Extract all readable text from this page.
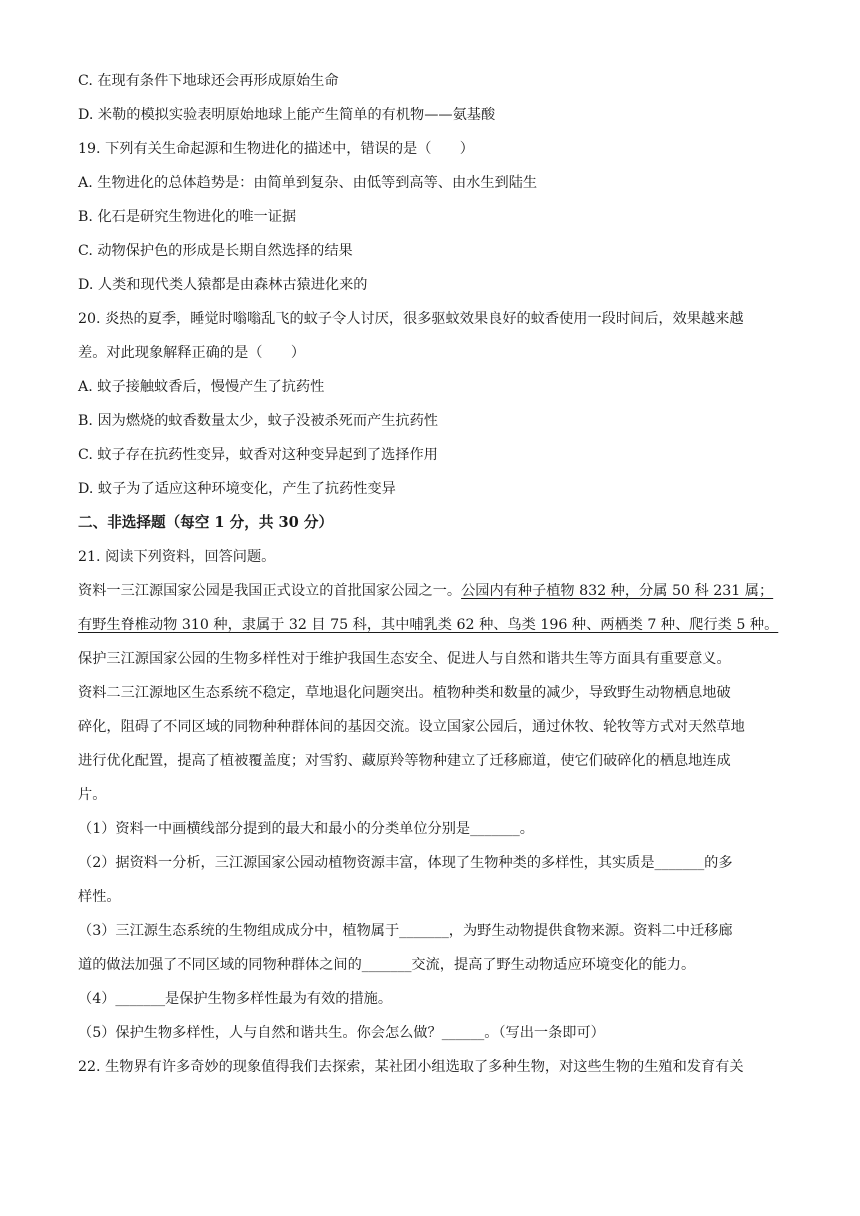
C. 在现有条件下地球还会再形成原始生命

D. 米勒的模拟实验表明原始地球上能产生简单的有机物——氨基酸

19. 下列有关生命起源和生物进化的描述中，错误的是（　　）

A. 生物进化的总体趋势是：由简单到复杂、由低等到高等、由水生到陆生

B. 化石是研究生物进化的唯一证据

C. 动物保护色的形成是长期自然选择的结果

D. 人类和现代类人猿都是由森林古猿进化来的

20. 炎热的夏季，睡觉时嗡嗡乱飞的蚊子令人讨厌，很多驱蚊效果良好的蚊香使用一段时间后，效果越来越

差。对此现象解释正确的是（　　）

A. 蚊子接触蚊香后，慢慢产生了抗药性

B. 因为燃烧的蚊香数量太少，蚊子没被杀死而产生抗药性

C. 蚊子存在抗药性变异，蚊香对这种变异起到了选择作用

D. 蚊子为了适应这种环境变化，产生了抗药性变异

二、非选择题（每空 1 分，共 30 分）

21. 阅读下列资料，回答问题。

资料一三江源国家公园是我国正式设立的首批国家公园之一。公园内有种子植物 832 种，分属 50 科 231 属；

有野生脊椎动物 310 种，隶属于 32 目 75 科，其中哺乳类 62 种、鸟类 196 种、两栖类 7 种、爬行类 5 种。

保护三江源国家公园的生物多样性对于维护我国生态安全、促进人与自然和谐共生等方面具有重要意义。

资料二三江源地区生态系统不稳定，草地退化问题突出。植物种类和数量的减少，导致野生动物栖息地破

碎化，阻碍了不同区域的同物种种群体间的基因交流。设立国家公园后，通过休牧、轮牧等方式对天然草地

进行优化配置，提高了植被覆盖度；对雪豹、藏原羚等物种建立了迁移廊道，使它们破碎化的栖息地连成

片。

（1）资料一中画横线部分提到的最大和最小的分类单位分别是_______。

（2）据资料一分析，三江源国家公园动植物资源丰富，体现了生物种类的多样性，其实质是_______的多

样性。

（3）三江源生态系统的生物组成成分中，植物属于_______，为野生动物提供食物来源。资料二中迁移廊

道的做法加强了不同区域的同物种群体之间的_______交流，提高了野生动物适应环境变化的能力。

（4）_______是保护生物多样性最为有效的措施。

（5）保护生物多样性，人与自然和谐共生。你会怎么做？______。（写出一条即可）

22. 生物界有许多奇妙的现象值得我们去探索，某社团小组选取了多种生物，对这些生物的生殖和发育有关
